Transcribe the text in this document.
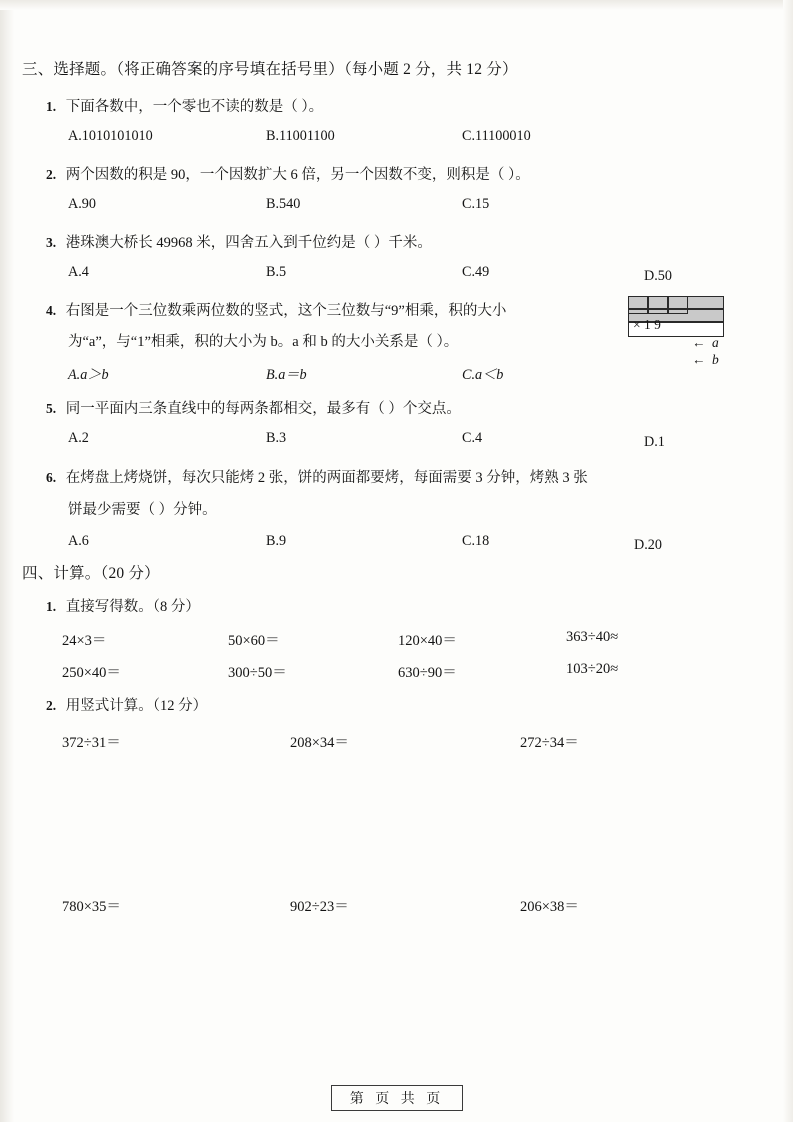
三、选择题。（将正确答案的序号填在括号里）（每小题 2 分，共 12 分）
1. 下面各数中，一个零也不读的数是（ ）。
A.1010101010	B.11001100	C.11100010
2. 两个因数的积是 90，一个因数扩大 6 倍，另一个因数不变，则积是（ ）。
A.90	B.540	C.15
3. 港珠澳大桥长 49968 米，四舍五入到千位约是（ ）千米。
A.4	B.5	C.49	D.50
4. 右图是一个三位数乘两位数的竖式，这个三位数与“9”相乘，积的大小
为“a”，与“1”相乘，积的大小为 b。a 和 b 的大小关系是（ ）。
A.a＞b	B.a＝b	C.a＜b
× 1 9
← a
← b
5. 同一平面内三条直线中的每两条都相交，最多有（ ）个交点。
A.2	B.3	C.4	D.1
6. 在烤盘上烤烧饼，每次只能烤 2 张，饼的两面都要烤，每面需要 3 分钟，烤熟 3 张
饼最少需要（ ）分钟。
A.6	B.9	C.18	D.20
四、计算。（20 分）
1. 直接写得数。（8 分）
24×3＝	50×60＝	120×40＝	363÷40≈
250×40＝	300÷50＝	630÷90＝	103÷20≈
2. 用竖式计算。（12 分）
372÷31＝	208×34＝	272÷34＝
780×35＝	902÷23＝	206×38＝
第 页 共 页
